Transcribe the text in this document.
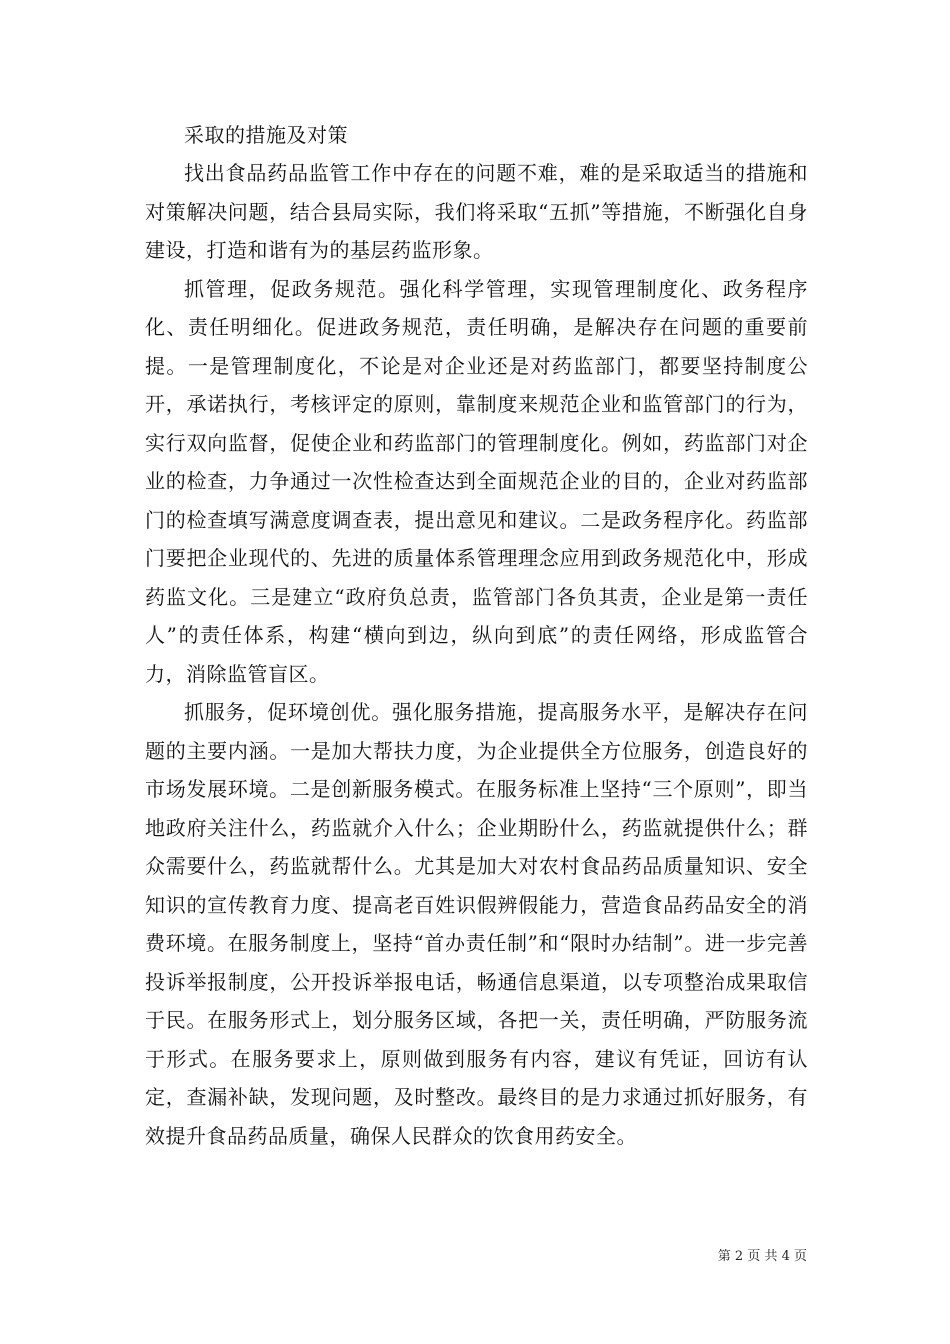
采取的措施及对策

找出食品药品监管工作中存在的问题不难，难的是采取适当的措施和对策解决问题，结合县局实际，我们将采取“五抓”等措施，不断强化自身建设，打造和谐有为的基层药监形象。

抓管理，促政务规范。强化科学管理，实现管理制度化、政务程序化、责任明细化。促进政务规范，责任明确，是解决存在问题的重要前提。一是管理制度化，不论是对企业还是对药监部门，都要坚持制度公开，承诺执行，考核评定的原则，靠制度来规范企业和监管部门的行为，实行双向监督，促使企业和药监部门的管理制度化。例如，药监部门对企业的检查，力争通过一次性检查达到全面规范企业的目的，企业对药监部门的检查填写满意度调查表，提出意见和建议。二是政务程序化。药监部门要把企业现代的、先进的质量体系管理理念应用到政务规范化中，形成药监文化。三是建立“政府负总责，监管部门各负其责，企业是第一责任人”的责任体系，构建“横向到边，纵向到底”的责任网络，形成监管合力，消除监管盲区。

抓服务，促环境创优。强化服务措施，提高服务水平，是解决存在问题的主要内涵。一是加大帮扶力度，为企业提供全方位服务，创造良好的市场发展环境。二是创新服务模式。在服务标准上坚持“三个原则”，即当地政府关注什么，药监就介入什么；企业期盼什么，药监就提供什么；群众需要什么，药监就帮什么。尤其是加大对农村食品药品质量知识、安全知识的宣传教育力度、提高老百姓识假辨假能力，营造食品药品安全的消费环境。在服务制度上，坚持“首办责任制”和“限时办结制”。进一步完善投诉举报制度，公开投诉举报电话，畅通信息渠道，以专项整治成果取信于民。在服务形式上，划分服务区域，各把一关，责任明确，严防服务流于形式。在服务要求上，原则做到服务有内容，建议有凭证，回访有认定，查漏补缺，发现问题，及时整改。最终目的是力求通过抓好服务，有效提升食品药品质量，确保人民群众的饮食用药安全。

第 2 页 共 4 页
